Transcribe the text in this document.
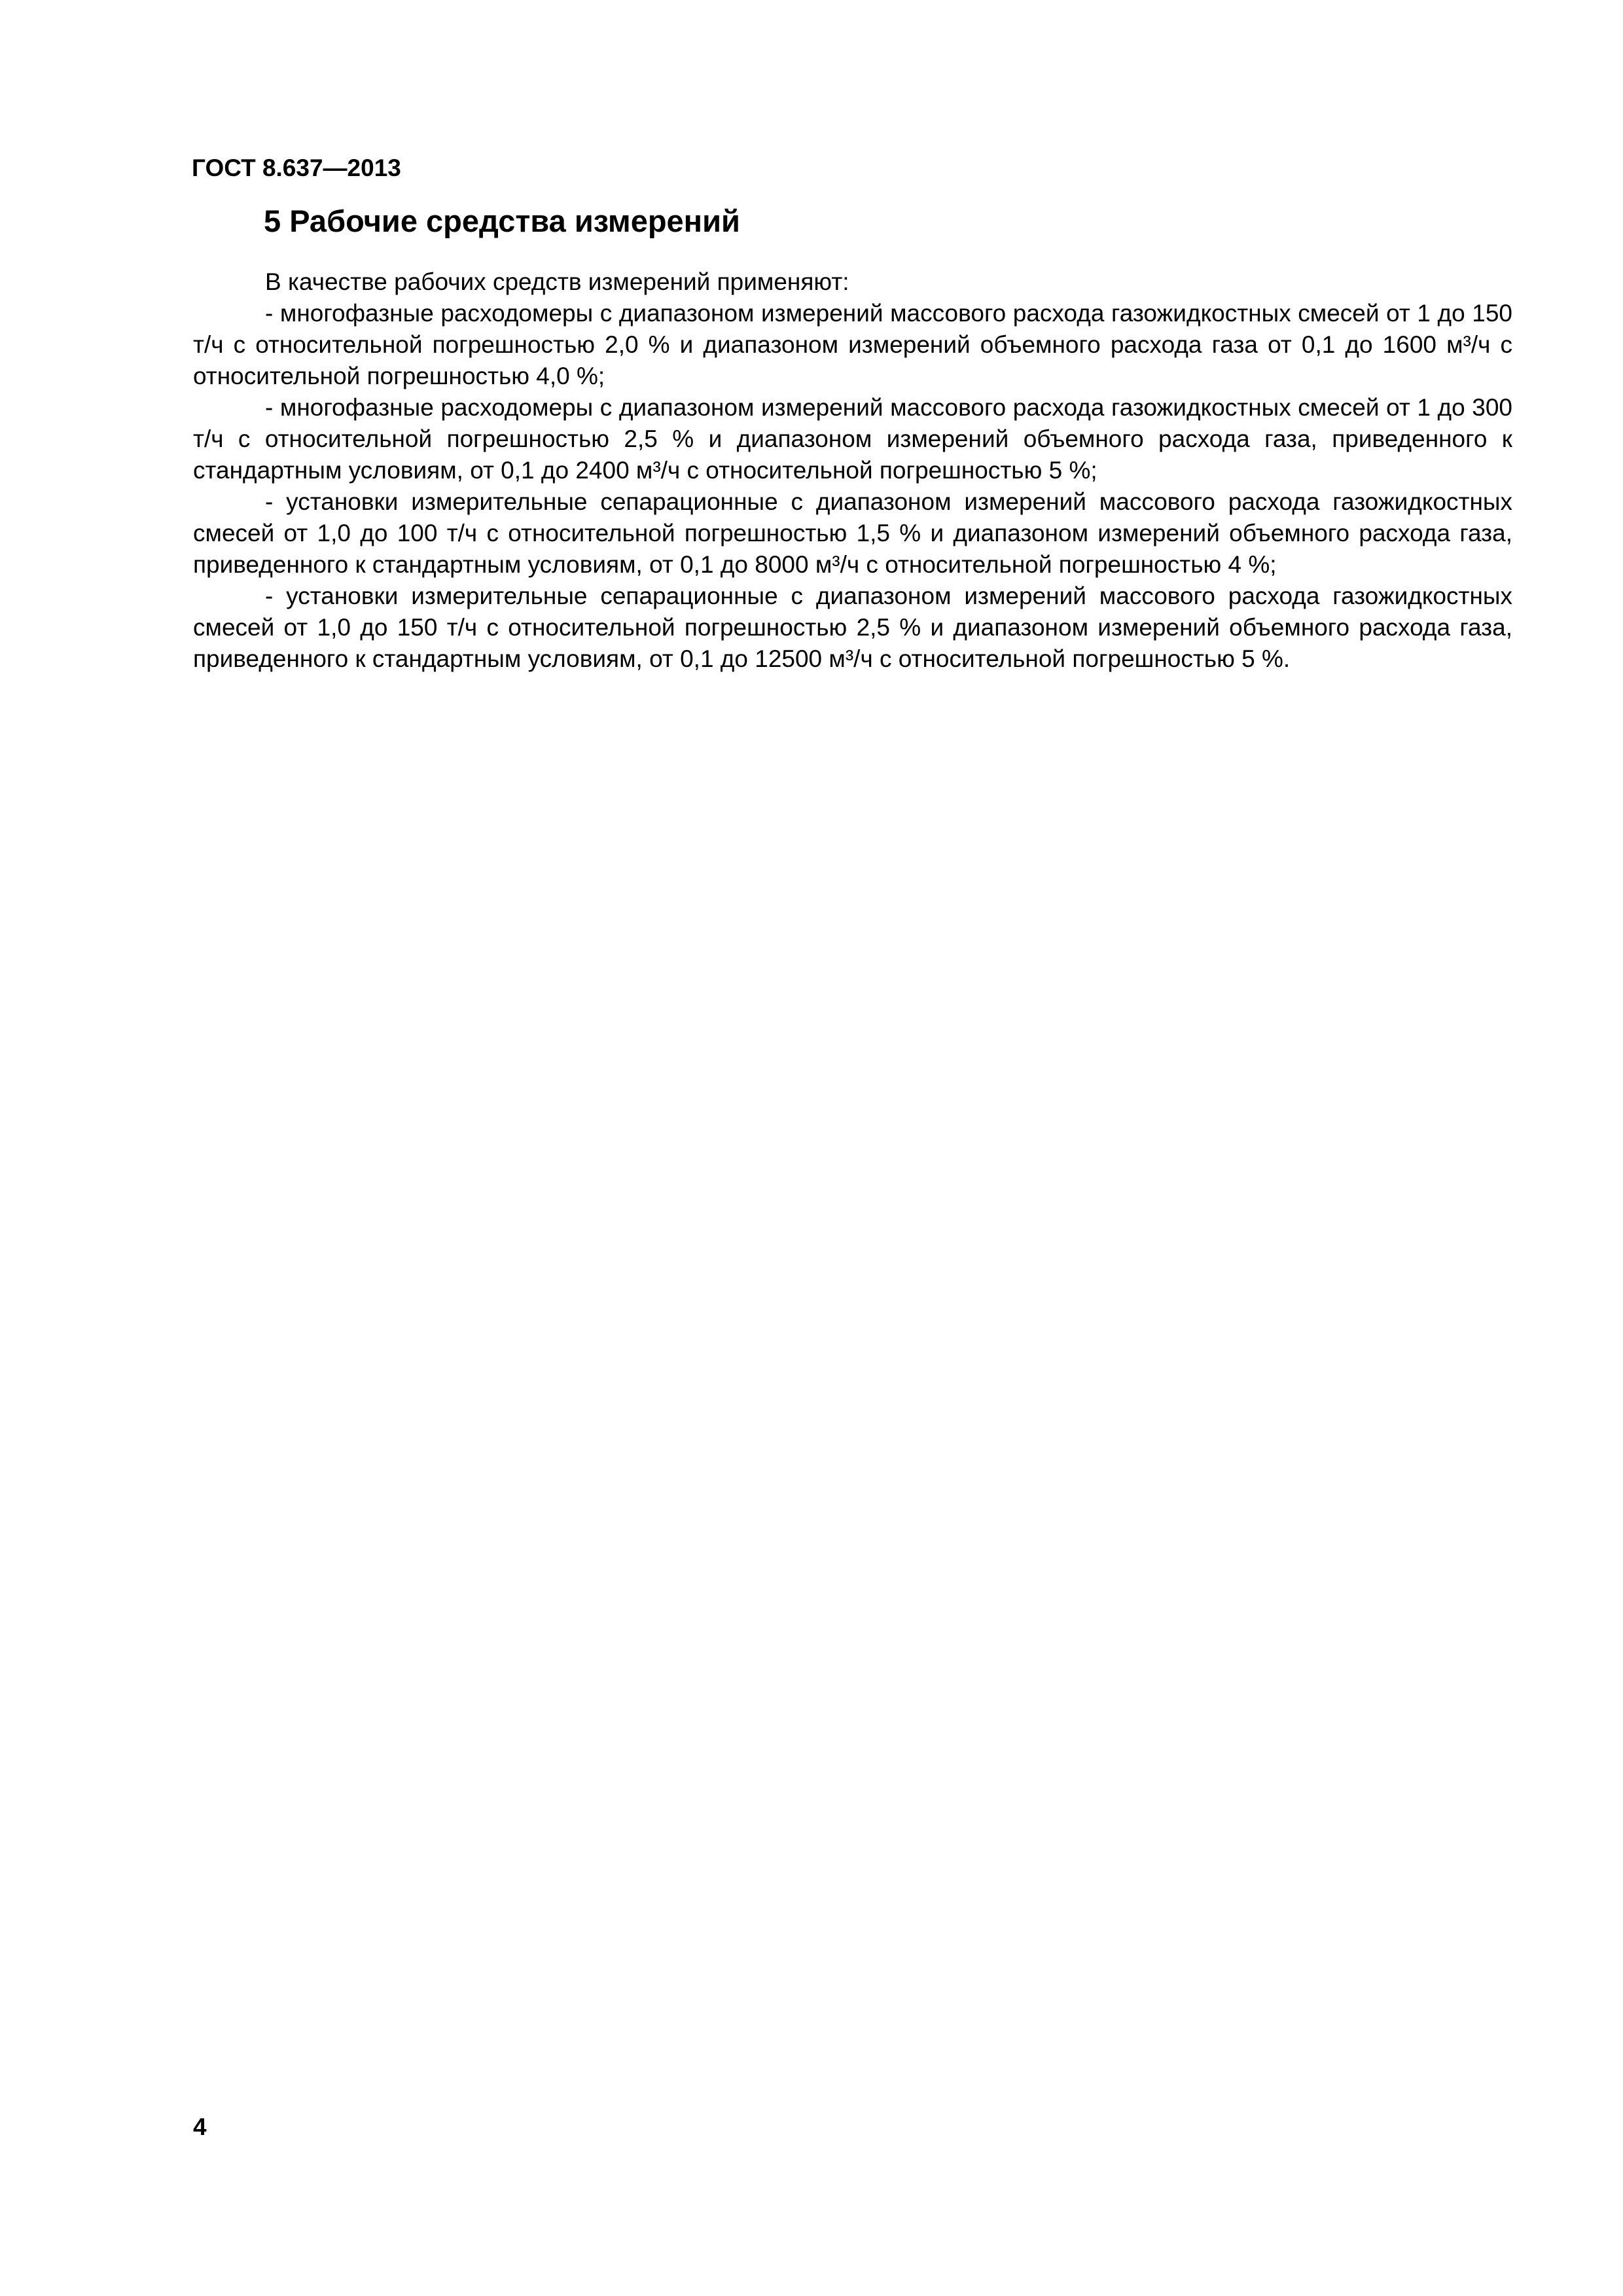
ГОСТ 8.637—2013
5 Рабочие средства измерений

В качестве рабочих средств измерений применяют:

- многофазные расходомеры с диапазоном измерений массового расхода газожидкостных смесей от 1 до 150 т/ч с относительной погрешностью 2,0 % и диапазоном измерений объемного расхода газа от 0,1 до 1600 м³/ч с относительной погрешностью 4,0 %;

- многофазные расходомеры с диапазоном измерений массового расхода газожидкостных смесей от 1 до 300 т/ч с относительной погрешностью 2,5 % и диапазоном измерений объемного расхода газа, приведенного к стандартным условиям, от 0,1 до 2400 м³/ч с относительной погрешностью 5 %;

- установки измерительные сепарационные с диапазоном измерений массового расхода газожидкостных смесей от 1,0 до 100 т/ч с относительной погрешностью 1,5 % и диапазоном измерений объемного расхода газа, приведенного к стандартным условиям, от 0,1 до 8000 м³/ч с относительной погрешностью 4 %;

- установки измерительные сепарационные с диапазоном измерений массового расхода газожидкостных смесей от 1,0 до 150 т/ч с относительной погрешностью 2,5 % и диапазоном измерений объемного расхода газа, приведенного к стандартным условиям, от 0,1 до 12500 м³/ч с относительной погрешностью 5 %.

4
